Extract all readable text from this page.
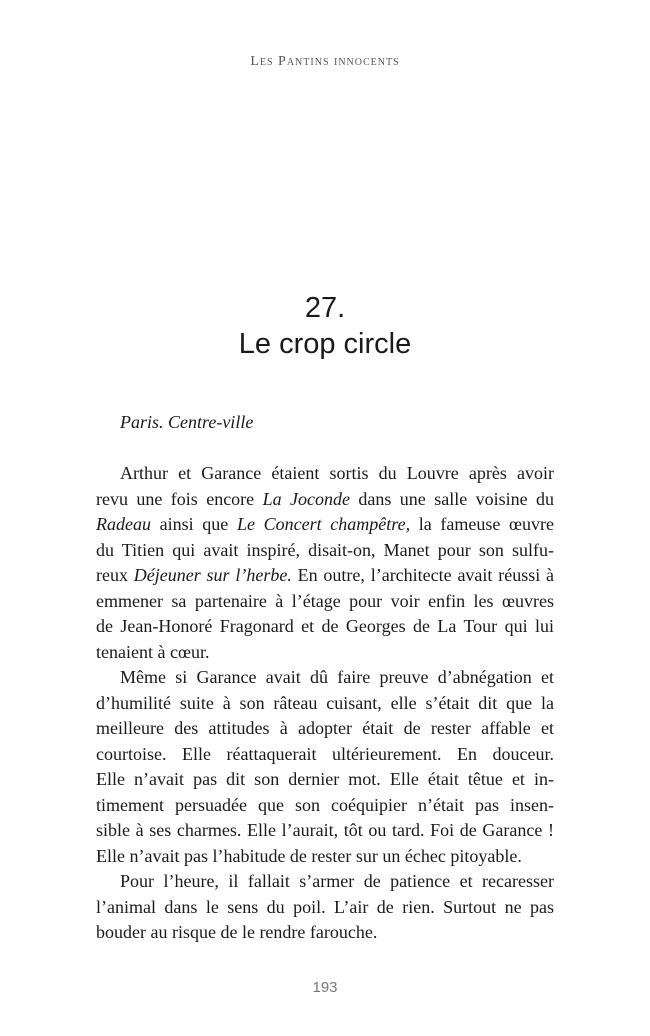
Les Pantins innocents
27.
Le crop circle
Paris. Centre-ville
Arthur et Garance étaient sortis du Louvre après avoir
revu une fois encore La Joconde dans une salle voisine du
Radeau ainsi que Le Concert champêtre, la fameuse œuvre
du Titien qui avait inspiré, disait-on, Manet pour son sulfu-
reux Déjeuner sur l’herbe. En outre, l’architecte avait réussi à
emmener sa partenaire à l’étage pour voir enfin les œuvres
de Jean-Honoré Fragonard et de Georges de La Tour qui lui
tenaient à cœur.
Même si Garance avait dû faire preuve d’abnégation et
d’humilité suite à son râteau cuisant, elle s’était dit que la
meilleure des attitudes à adopter était de rester affable et
courtoise. Elle réattaquerait ultérieurement. En douceur.
Elle n’avait pas dit son dernier mot. Elle était têtue et in-
timement persuadée que son coéquipier n’était pas insen-
sible à ses charmes. Elle l’aurait, tôt ou tard. Foi de Garance !
Elle n’avait pas l’habitude de rester sur un échec pitoyable.
Pour l’heure, il fallait s’armer de patience et recaresser
l’animal dans le sens du poil. L’air de rien. Surtout ne pas
bouder au risque de le rendre farouche.
193
